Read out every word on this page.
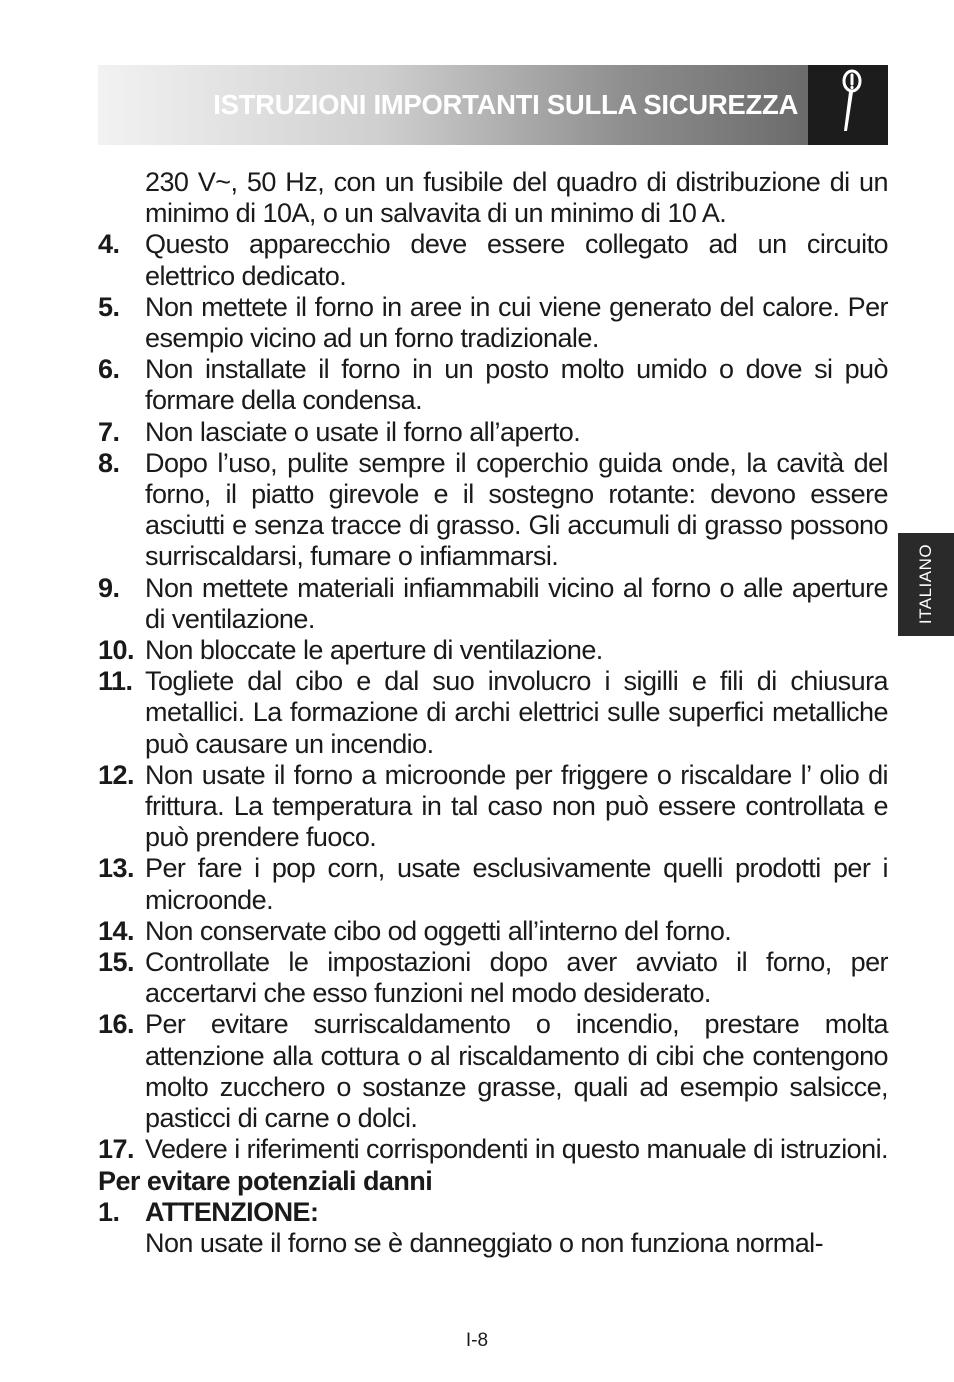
ISTRUZIONI IMPORTANTI SULLA SICUREZZA
ITALIANO
230 V~, 50 Hz, con un fusibile del quadro di distribuzione di un minimo di 10A, o un salvavita di un minimo di 10 A.
4. Questo apparecchio deve essere collegato ad un circuito elettrico dedicato.
5. Non mettete il forno in aree in cui viene generato del calore. Per esempio vicino ad un forno tradizionale.
6. Non installate il forno in un posto molto umido o dove si può formare della condensa.
7. Non lasciate o usate il forno all’aperto.
8. Dopo l’uso, pulite sempre il coperchio guida onde, la cavità del forno, il piatto girevole e il sostegno rotante: devono essere asciutti e senza tracce di grasso. Gli accumuli di grasso possono surriscaldarsi, fumare o infiammarsi.
9. Non mettete materiali infiammabili vicino al forno o alle aperture di ventilazione.
10. Non bloccate le aperture di ventilazione.
11. Togliete dal cibo e dal suo involucro i sigilli e fili di chiusura metallici. La formazione di archi elettrici sulle superfici metalliche può causare un incendio.
12. Non usate il forno a microonde per friggere o riscaldare l’ olio di frittura. La temperatura in tal caso non può essere controllata e può prendere fuoco.
13. Per fare i pop corn, usate esclusivamente quelli prodotti per i microonde.
14. Non conservate cibo od oggetti all’interno del forno.
15. Controllate le impostazioni dopo aver avviato il forno, per accertarvi che esso funzioni nel modo desiderato.
16. Per evitare surriscaldamento o incendio, prestare molta attenzione alla cottura o al riscaldamento di cibi che contengono molto zucchero o sostanze grasse, quali ad esempio salsicce, pasticci di carne o dolci.
17. Vedere i riferimenti corrispondenti in questo manuale di istruzioni.
Per evitare potenziali danni
1. ATTENZIONE:
Non usate il forno se è danneggiato o non funziona normal-
I-8
